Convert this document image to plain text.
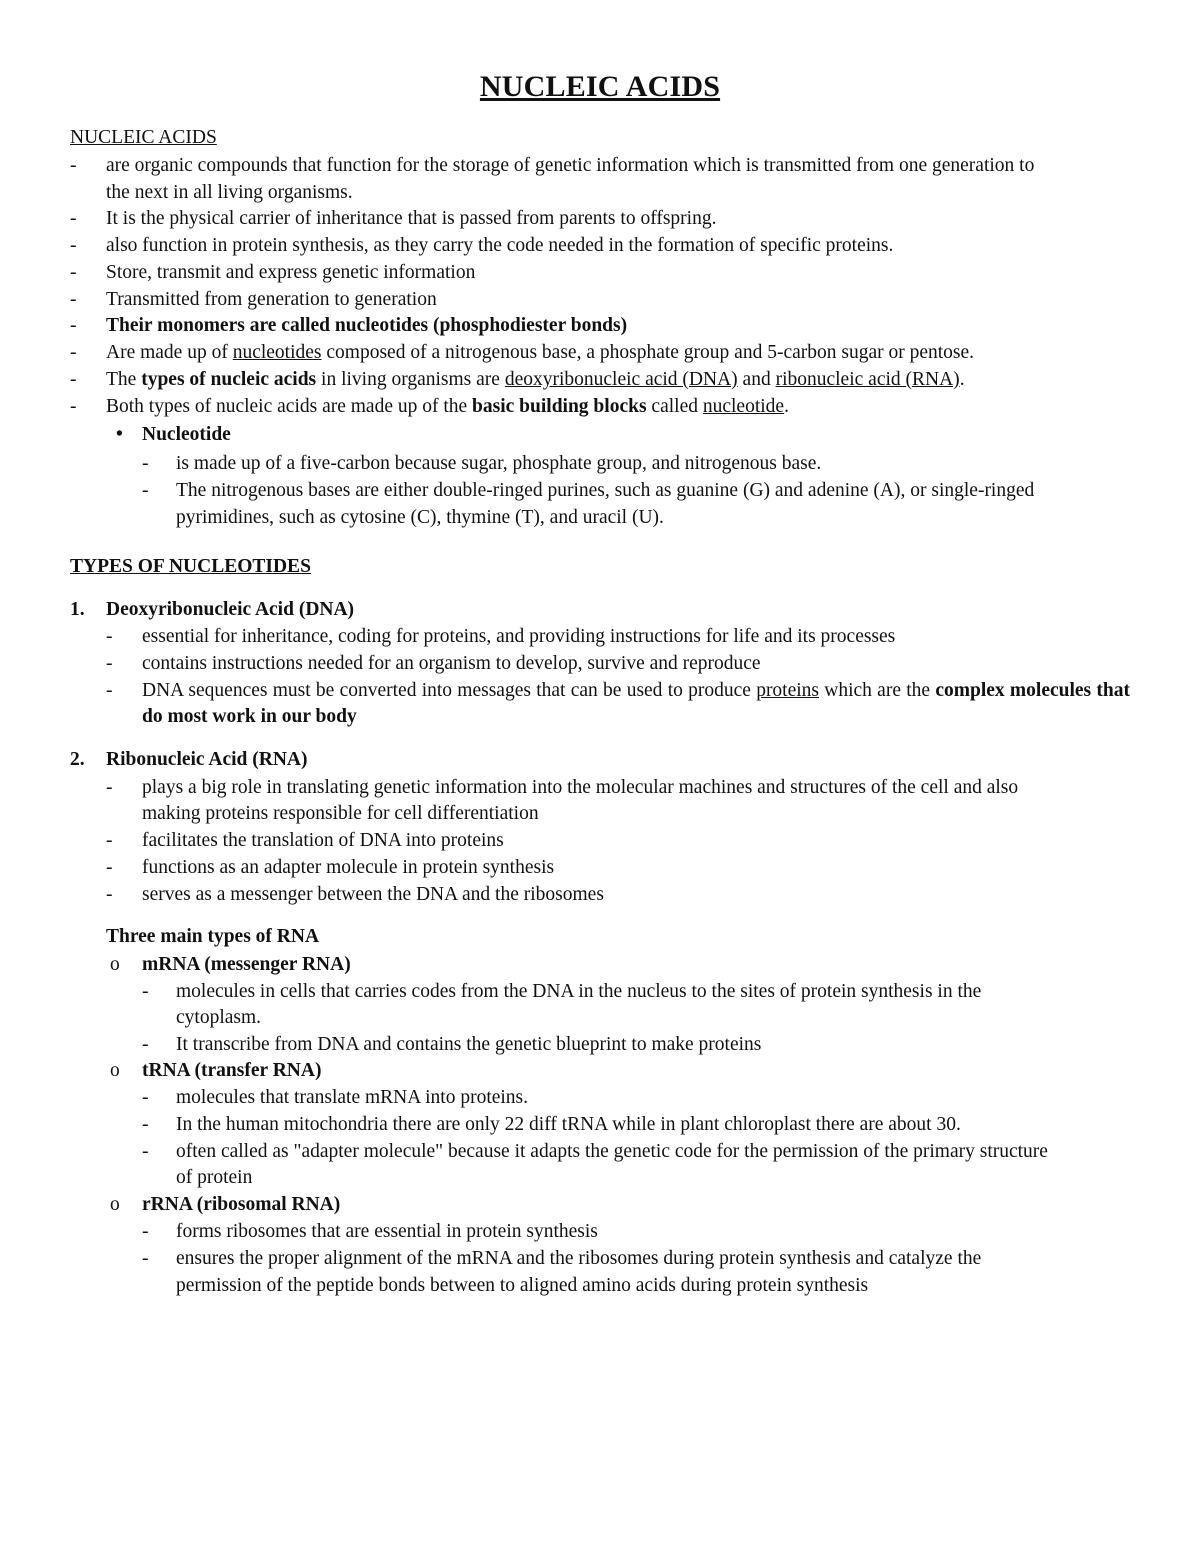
NUCLEIC ACIDS
NUCLEIC ACIDS
- are organic compounds that function for the storage of genetic information which is transmitted from one generation to
the next in all living organisms.
- It is the physical carrier of inheritance that is passed from parents to offspring.
- also function in protein synthesis, as they carry the code needed in the formation of specific proteins.
- Store, transmit and express genetic information
- Transmitted from generation to generation
- Their monomers are called nucleotides (phosphodiester bonds)
- Are made up of nucleotides composed of a nitrogenous base, a phosphate group and 5-carbon sugar or pentose.
- The types of nucleic acids in living organisms are deoxyribonucleic acid (DNA) and ribonucleic acid (RNA).
- Both types of nucleic acids are made up of the basic building blocks called nucleotide.
• Nucleotide
- is made up of a five-carbon because sugar, phosphate group, and nitrogenous base.
- The nitrogenous bases are either double-ringed purines, such as guanine (G) and adenine (A), or single-ringed
pyrimidines, such as cytosine (C), thymine (T), and uracil (U).
TYPES OF NUCLEOTIDES
1. Deoxyribonucleic Acid (DNA)
- essential for inheritance, coding for proteins, and providing instructions for life and its processes
- contains instructions needed for an organism to develop, survive and reproduce
- DNA sequences must be converted into messages that can be used to produce proteins which are the complex molecules that do most work in our body
2. Ribonucleic Acid (RNA)
- plays a big role in translating genetic information into the molecular machines and structures of the cell and also
making proteins responsible for cell differentiation
- facilitates the translation of DNA into proteins
- functions as an adapter molecule in protein synthesis
- serves as a messenger between the DNA and the ribosomes
Three main types of RNA
o mRNA (messenger RNA)
- molecules in cells that carries codes from the DNA in the nucleus to the sites of protein synthesis in the
cytoplasm.
- It transcribe from DNA and contains the genetic blueprint to make proteins
o tRNA (transfer RNA)
- molecules that translate mRNA into proteins.
- In the human mitochondria there are only 22 diff tRNA while in plant chloroplast there are about 30.
- often called as "adapter molecule" because it adapts the genetic code for the permission of the primary structure
of protein
o rRNA (ribosomal RNA)
- forms ribosomes that are essential in protein synthesis
- ensures the proper alignment of the mRNA and the ribosomes during protein synthesis and catalyze the
permission of the peptide bonds between to aligned amino acids during protein synthesis
